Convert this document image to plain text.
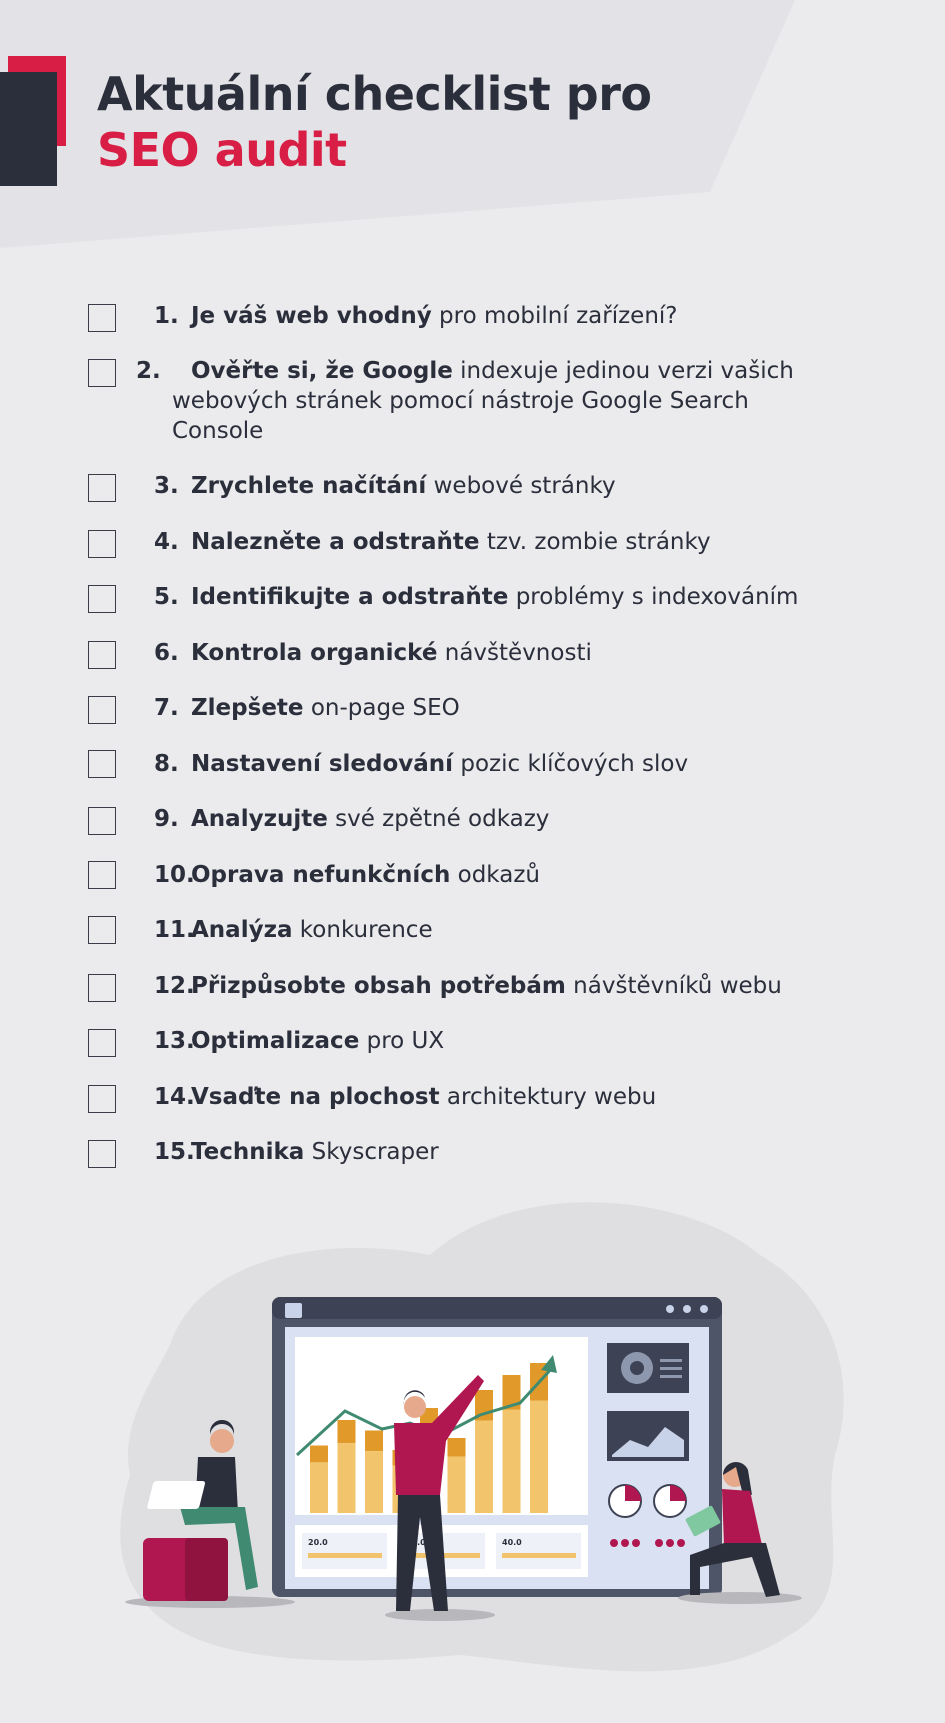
Aktuální checklist pro
SEO audit
1. Je váš web vhodný pro mobilní zařízení?
2. Ověřte si, že Google indexuje jedinou verzi vašich webových stránek pomocí nástroje Google Search Console
3. Zrychlete načítání webové stránky
4. Nalezněte a odstraňte tzv. zombie stránky
5. Identifikujte a odstraňte problémy s indexováním
6. Kontrola organické návštěvnosti
7. Zlepšete on-page SEO
8. Nastavení sledování pozic klíčových slov
9. Analyzujte své zpětné odkazy
10.Oprava nefunkčních odkazů
11.Analýza konkurence
12.Přizpůsobte obsah potřebám návštěvníků webu
13.Optimalizace pro UX
14.Vsaďte na plochost architektury webu
15.Technika Skyscraper
20.0	40.0
